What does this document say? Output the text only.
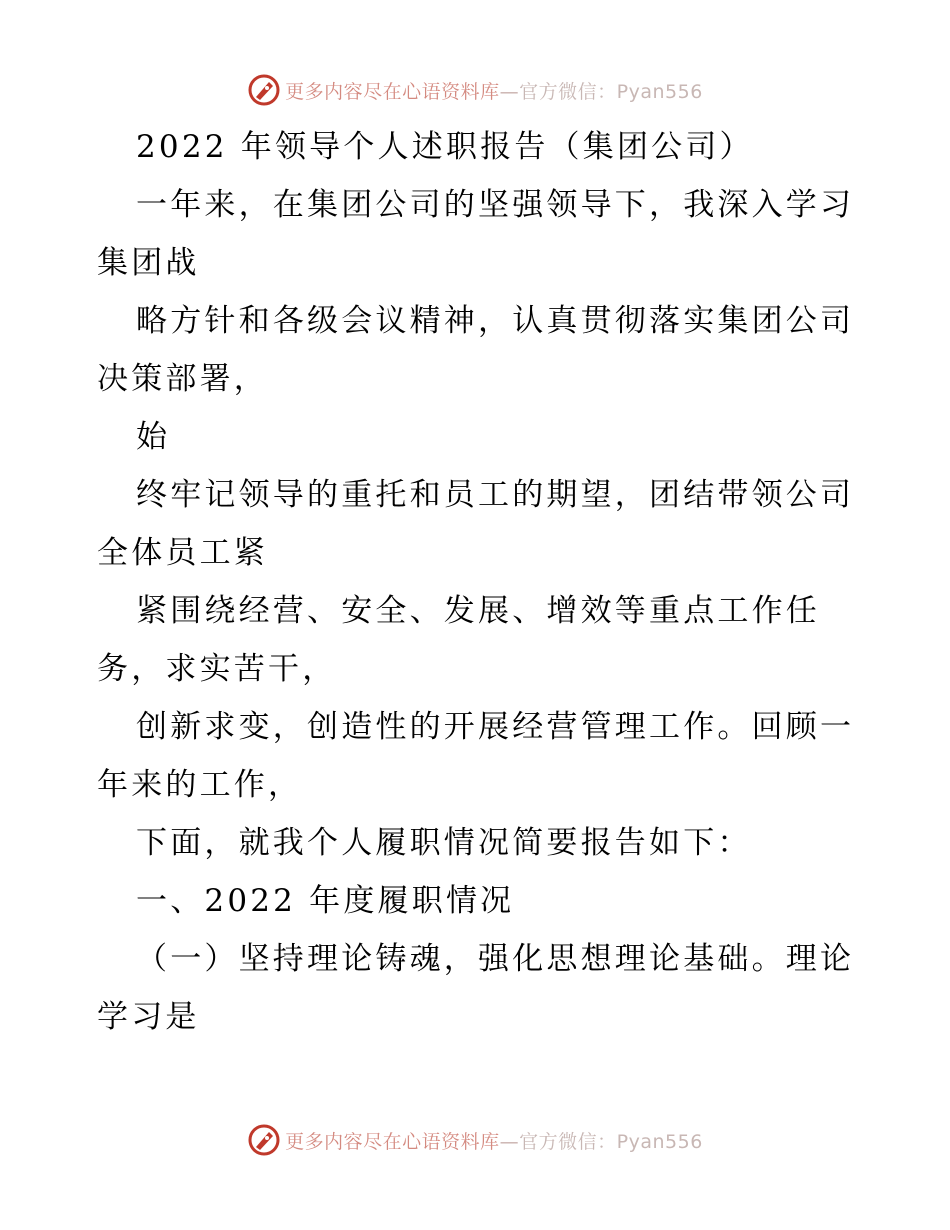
更多内容尽在心语资料库—官方微信：Pyan556
2022 年领导个人述职报告（集团公司）
一年来，在集团公司的坚强领导下，我深入学习
集团战
略方针和各级会议精神，认真贯彻落实集团公司
决策部署，
始
终牢记领导的重托和员工的期望，团结带领公司
全体员工紧
紧围绕经营、安全、发展、增效等重点工作任
务，求实苦干，
创新求变，创造性的开展经营管理工作。回顾一
年来的工作，
下面，就我个人履职情况简要报告如下：
一、2022 年度履职情况
（一）坚持理论铸魂，强化思想理论基础。理论
学习是
更多内容尽在心语资料库—官方微信：Pyan556
